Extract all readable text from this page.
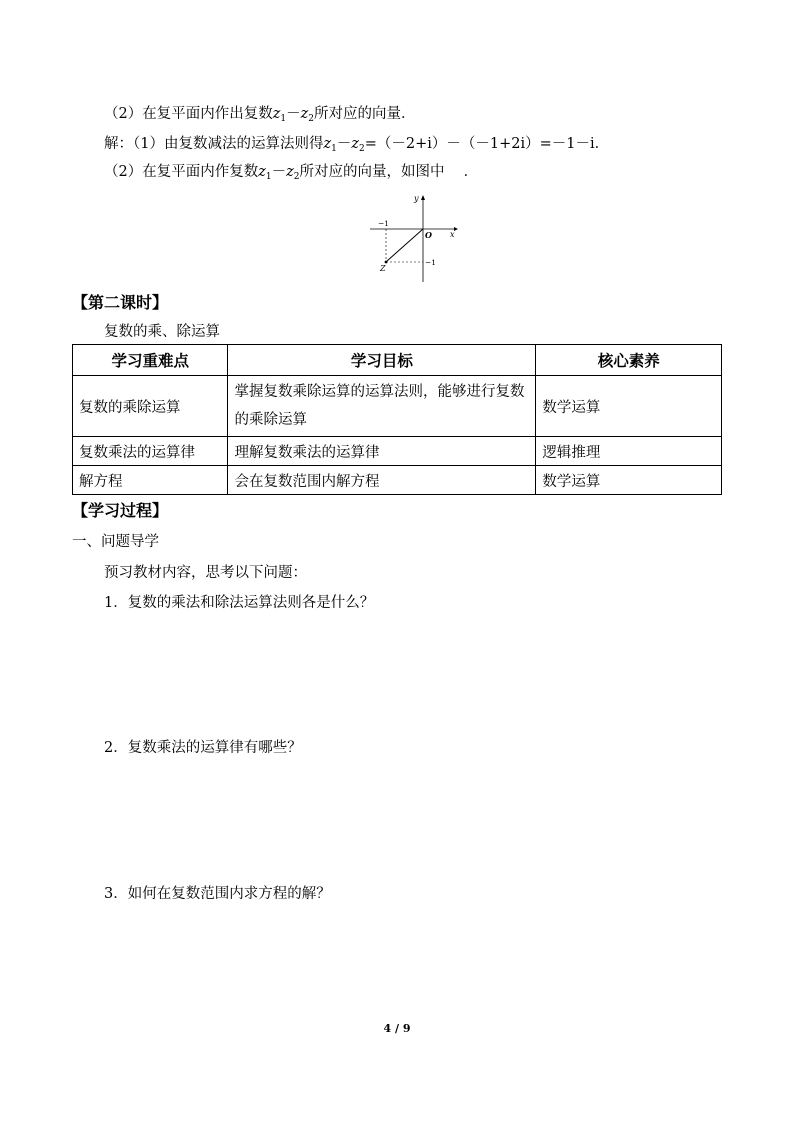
（2）在复平面内作出复数$z_1-z_2$所对应的向量．
解：（1）由复数减法的运算法则得$z_1-z_2=(-2+i)-(-1+2i)=-1-i$．
（2）在复平面内作复数$z_1-z_2$所对应的向量，如图中　 ．
y
x
O
Z
−1
−1
【第二课时】
复数的乘、除运算
学习重难点	学习目标	核心素养
复数的乘除运算	掌握复数乘除运算的运算法则，能够进行复数的乘除运算	数学运算
复数乘法的运算律	理解复数乘法的运算律	逻辑推理
解方程	会在复数范围内解方程	数学运算
【学习过程】
一、问题导学
预习教材内容，思考以下问题：
1．复数的乘法和除法运算法则各是什么？
2．复数乘法的运算律有哪些？
3．如何在复数范围内求方程的解？
4 / 9
